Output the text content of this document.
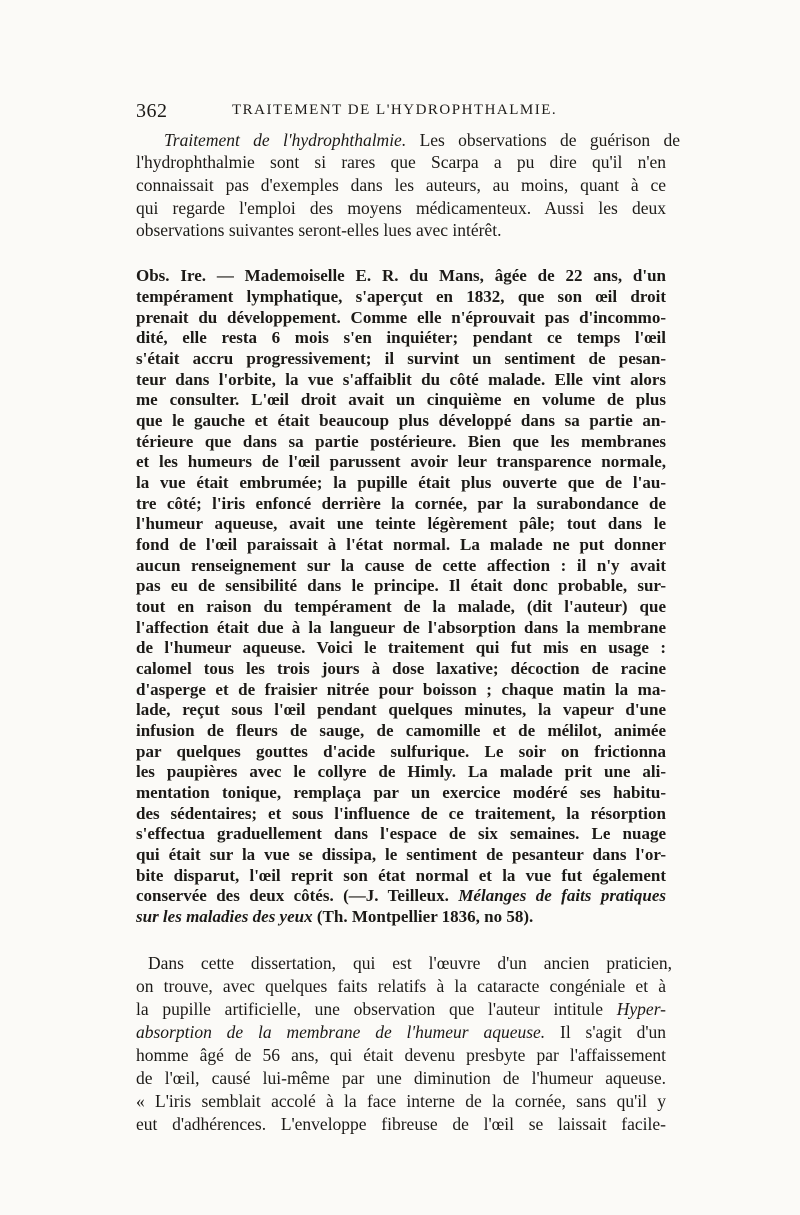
362	TRAITEMENT DE L'HYDROPHTHALMIE.
Traitement de l'hydrophthalmie. Les observations de guérison de
l'hydrophthalmie sont si rares que Scarpa a pu dire qu'il n'en
connaissait pas d'exemples dans les auteurs, au moins, quant à ce
qui regarde l'emploi des moyens médicamenteux. Aussi les deux
observations suivantes seront-elles lues avec intérêt.
Obs. Ire. — Mademoiselle E. R. du Mans, âgée de 22 ans, d'un
tempérament lymphatique, s'aperçut en 1832, que son œil droit
prenait du développement. Comme elle n'éprouvait pas d'incommo-
dité, elle resta 6 mois s'en inquiéter; pendant ce temps l'œil
s'était accru progressivement; il survint un sentiment de pesan-
teur dans l'orbite, la vue s'affaiblit du côté malade. Elle vint alors
me consulter. L'œil droit avait un cinquième en volume de plus
que le gauche et était beaucoup plus développé dans sa partie an-
térieure que dans sa partie postérieure. Bien que les membranes
et les humeurs de l'œil parussent avoir leur transparence normale,
la vue était embrumée; la pupille était plus ouverte que de l'au-
tre côté; l'iris enfoncé derrière la cornée, par la surabondance de
l'humeur aqueuse, avait une teinte légèrement pâle; tout dans le
fond de l'œil paraissait à l'état normal. La malade ne put donner
aucun renseignement sur la cause de cette affection : il n'y avait
pas eu de sensibilité dans le principe. Il était donc probable, sur-
tout en raison du tempérament de la malade, (dit l'auteur) que
l'affection était due à la langueur de l'absorption dans la membrane
de l'humeur aqueuse. Voici le traitement qui fut mis en usage :
calomel tous les trois jours à dose laxative; décoction de racine
d'asperge et de fraisier nitrée pour boisson ; chaque matin la ma-
lade, reçut sous l'œil pendant quelques minutes, la vapeur d'une
infusion de fleurs de sauge, de camomille et de mélilot, animée
par quelques gouttes d'acide sulfurique. Le soir on frictionna
les paupières avec le collyre de Himly. La malade prit une ali-
mentation tonique, remplaça par un exercice modéré ses habitu-
des sédentaires; et sous l'influence de ce traitement, la résorption
s'effectua graduellement dans l'espace de six semaines. Le nuage
qui était sur la vue se dissipa, le sentiment de pesanteur dans l'or-
bite disparut, l'œil reprit son état normal et la vue fut également
conservée des deux côtés. (—J. Teilleux. Mélanges de faits pratiques
sur les maladies des yeux (Th. Montpellier 1836, no 58).
Dans cette dissertation, qui est l'œuvre d'un ancien praticien,
on trouve, avec quelques faits relatifs à la cataracte congéniale et à
la pupille artificielle, une observation que l'auteur intitule Hyper-
absorption de la membrane de l'humeur aqueuse. Il s'agit d'un
homme âgé de 56 ans, qui était devenu presbyte par l'affaissement
de l'œil, causé lui-même par une diminution de l'humeur aqueuse.
« L'iris semblait accolé à la face interne de la cornée, sans qu'il y
eut d'adhérences. L'enveloppe fibreuse de l'œil se laissait facile-
